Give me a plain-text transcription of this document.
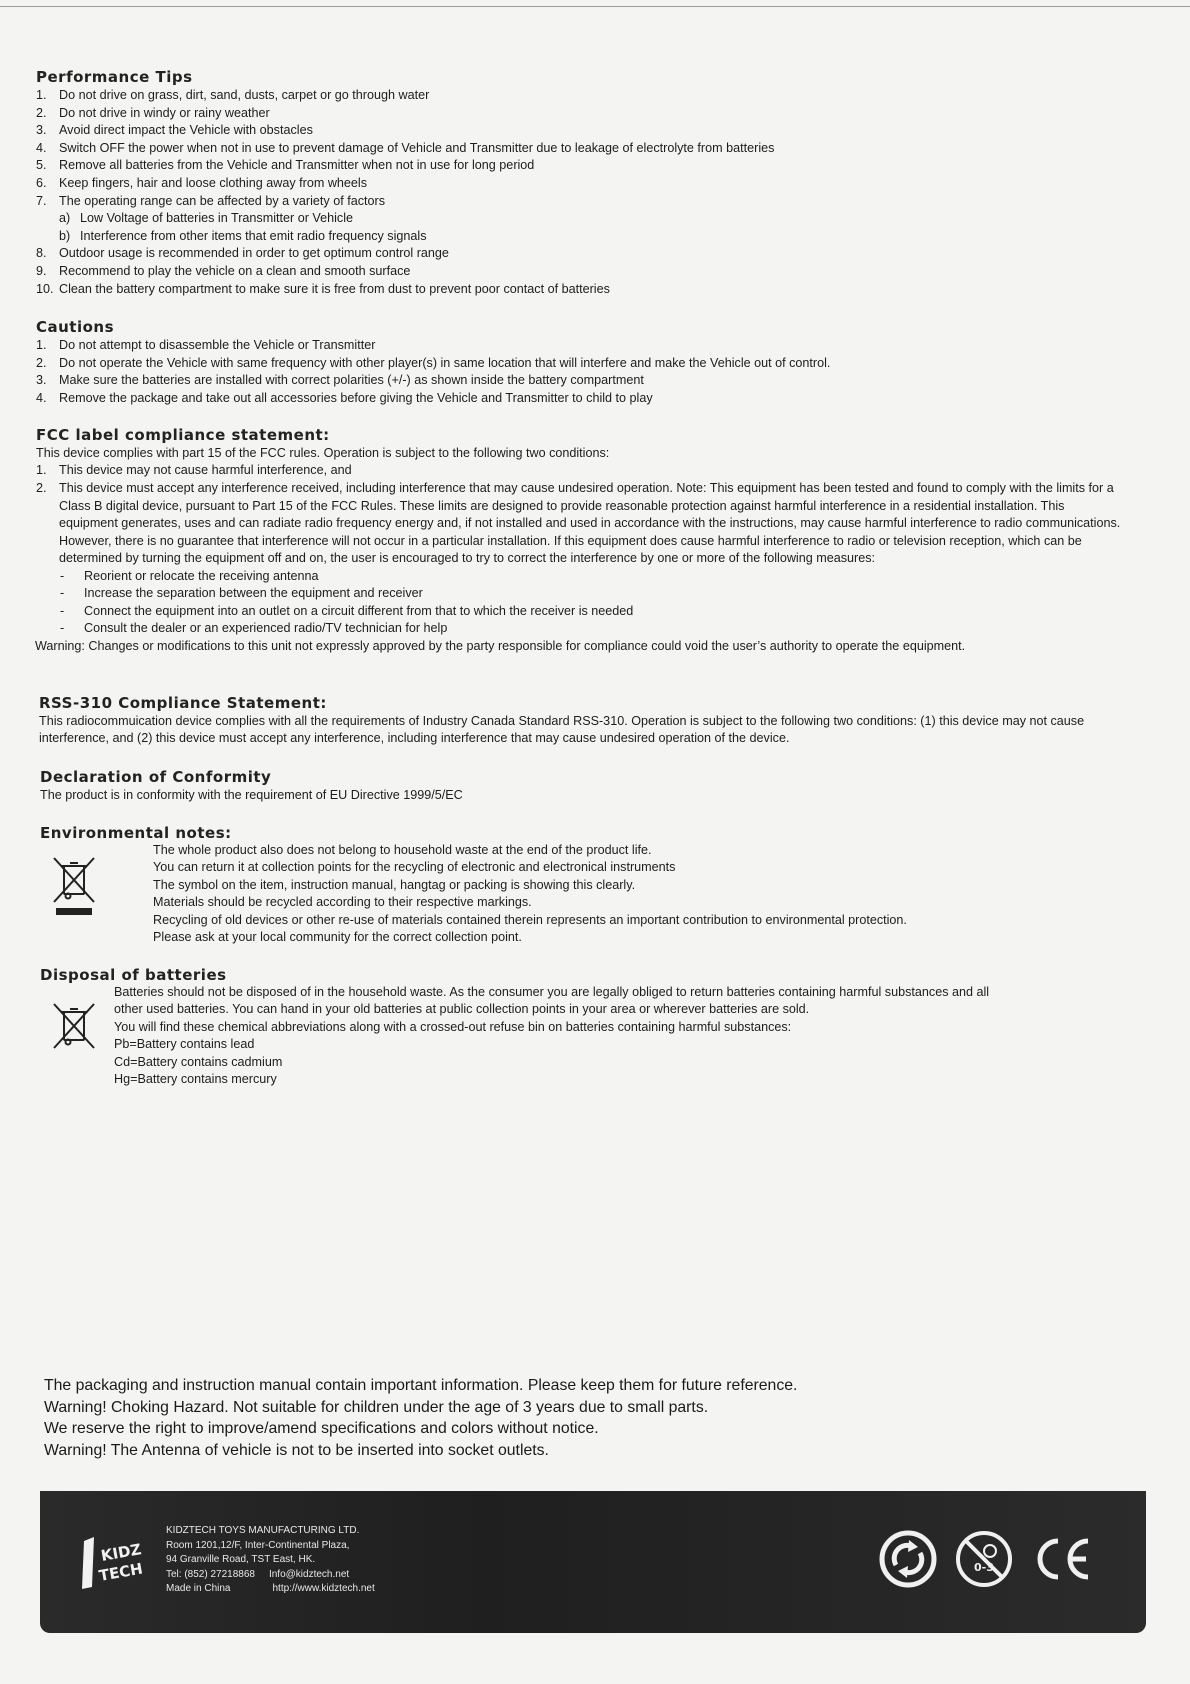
Performance Tips
1. Do not drive on grass, dirt, sand, dusts, carpet or go through water
2. Do not drive in windy or rainy weather
3. Avoid direct impact the Vehicle with obstacles
4. Switch OFF the power when not in use to prevent damage of Vehicle and Transmitter due to leakage of electrolyte from batteries
5. Remove all batteries from the Vehicle and Transmitter when not in use for long period
6. Keep fingers, hair and loose clothing away from wheels
7. The operating range can be affected by a variety of factors
a) Low Voltage of batteries in Transmitter or Vehicle
b) Interference from other items that emit radio frequency signals
8. Outdoor usage is recommended in order to get optimum control range
9. Recommend to play the vehicle on a clean and smooth surface
10. Clean the battery compartment to make sure it is free from dust to prevent poor contact of batteries
Cautions
1. Do not attempt to disassemble the Vehicle or Transmitter
2. Do not operate the Vehicle with same frequency with other player(s) in same location that will interfere and make the Vehicle out of control.
3. Make sure the batteries are installed with correct polarities (+/-) as shown inside the battery compartment
4. Remove the package and take out all accessories before giving the Vehicle and Transmitter to child to play
FCC label compliance statement:
This device complies with part 15 of the FCC rules. Operation is subject to the following two conditions:
1. This device may not cause harmful interference, and
2. This device must accept any interference received, including interference that may cause undesired operation. Note: This equipment has been tested and found to comply with the limits for a Class B digital device, pursuant to Part 15 of the FCC Rules. These limits are designed to provide reasonable protection against harmful interference in a residential installation. This equipment generates, uses and can radiate radio frequency energy and, if not installed and used in accordance with the instructions, may cause harmful interference to radio communications. However, there is no guarantee that interference will not occur in a particular installation. If this equipment does cause harmful interference to radio or television reception, which can be determined by turning the equipment off and on, the user is encouraged to try to correct the interference by one or more of the following measures:
- Reorient or relocate the receiving antenna
- Increase the separation between the equipment and receiver
- Connect the equipment into an outlet on a circuit different from that to which the receiver is needed
- Consult the dealer or an experienced radio/TV technician for help
Warning: Changes or modifications to this unit not expressly approved by the party responsible for compliance could void the user’s authority to operate the equipment.
RSS-310 Compliance Statement:
This radiocommuication device complies with all the requirements of Industry Canada Standard RSS-310. Operation is subject to the following two conditions: (1) this device may not cause interference, and (2) this device must accept any interference, including interference that may cause undesired operation of the device.
Declaration of Conformity
The product is in conformity with the requirement of EU Directive 1999/5/EC
Environmental notes:
The whole product also does not belong to household waste at the end of the product life.
You can return it at collection points for the recycling of electronic and electronical instruments
The symbol on the item, instruction manual, hangtag or packing is showing this clearly.
Materials should be recycled according to their respective markings.
Recycling of old devices or other re-use of materials contained therein represents an important contribution to environmental protection.
Please ask at your local community for the correct collection point.
Disposal of batteries
Batteries should not be disposed of in the household waste. As the consumer you are legally obliged to return batteries containing harmful substances and all
other used batteries. You can hand in your old batteries at public collection points in your area or wherever batteries are sold.
You will find these chemical abbreviations along with a crossed-out refuse bin on batteries containing harmful substances:
Pb=Battery contains lead
Cd=Battery contains cadmium
Hg=Battery contains mercury
The packaging and instruction manual contain important information. Please keep them for future reference.
Warning! Choking Hazard. Not suitable for children under the age of 3 years due to small parts.
We reserve the right to improve/amend specifications and colors without notice.
Warning! The Antenna of vehicle is not to be inserted into socket outlets.
KIDZ
TECH
KIDZTECH TOYS MANUFACTURING LTD.
Room 1201,12/F, Inter-Continental Plaza,
94 Granville Road, TST East, HK.
Tel: (852) 27218868 Info@kidztech.net
Made in China	http://www.kidztech.net
0-3
